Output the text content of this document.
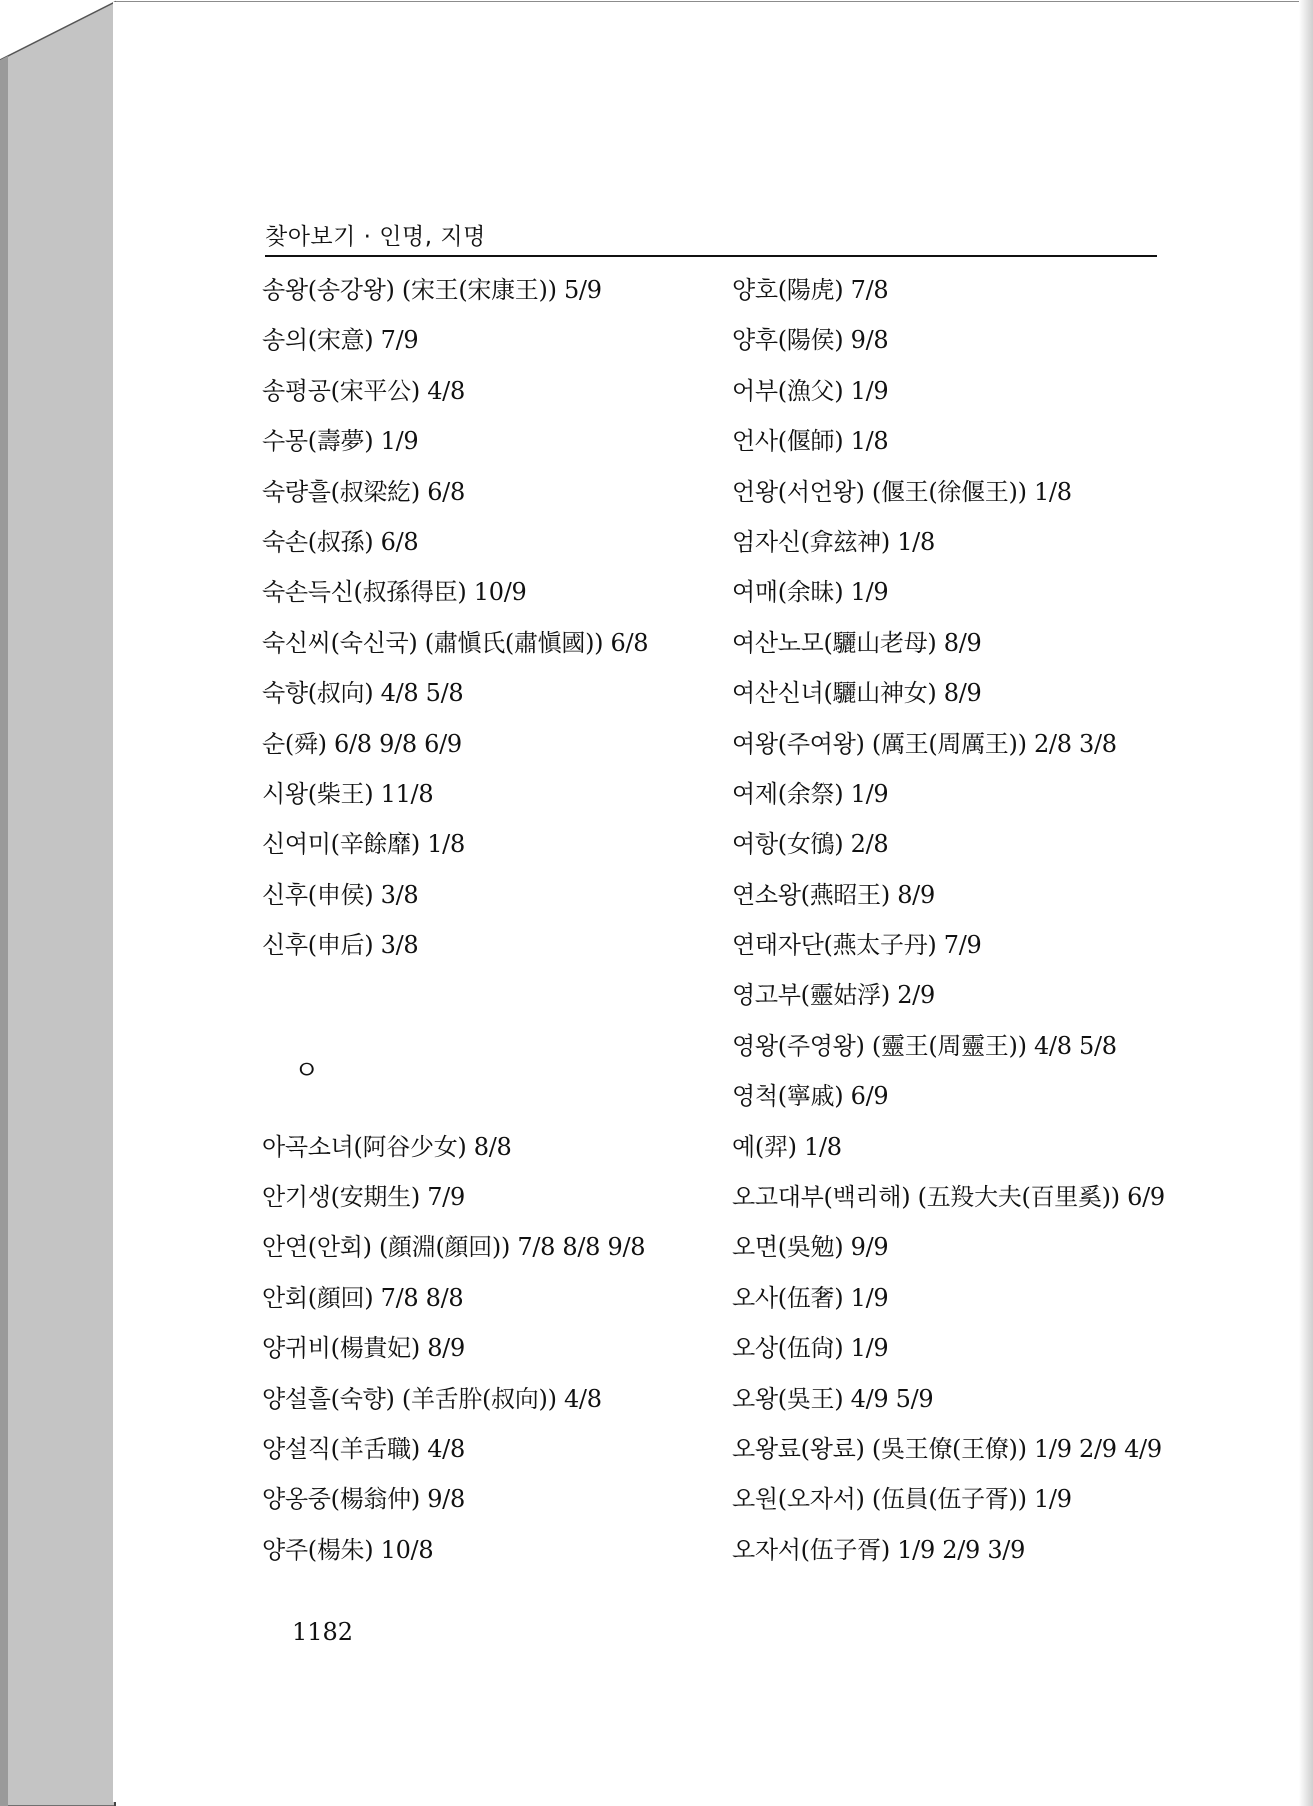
찾아보기 · 인명, 지명
송왕(송강왕) (宋王(宋康王)) 5/9
송의(宋意) 7/9
송평공(宋平公) 4/8
수몽(壽夢) 1/9
숙량흘(叔梁紇) 6/8
숙손(叔孫) 6/8
숙손득신(叔孫得臣) 10/9
숙신씨(숙신국) (肅愼氏(肅愼國)) 6/8
숙향(叔向) 4/8 5/8
순(舜) 6/8 9/8 6/9
시왕(柴王) 11/8
신여미(辛餘靡) 1/8
신후(申侯) 3/8
신후(申后) 3/8
ㅇ
아곡소녀(阿谷少女) 8/8
안기생(安期生) 7/9
안연(안회) (顔淵(顔回)) 7/8 8/8 9/8
안회(顔回) 7/8 8/8
양귀비(楊貴妃) 8/9
양설흘(숙향) (羊舌肸(叔向)) 4/8
양설직(羊舌職) 4/8
양옹중(楊翁仲) 9/8
양주(楊朱) 10/8
양호(陽虎) 7/8
양후(陽侯) 9/8
어부(漁父) 1/9
언사(偃師) 1/8
언왕(서언왕) (偃王(徐偃王)) 1/8
엄자신(弇玆神) 1/8
여매(余昧) 1/9
여산노모(驪山老母) 8/9
여산신녀(驪山神女) 8/9
여왕(주여왕) (厲王(周厲王)) 2/8 3/8
여제(余祭) 1/9
여항(女鴴) 2/8
연소왕(燕昭王) 8/9
연태자단(燕太子丹) 7/9
영고부(靈姑浮) 2/9
영왕(주영왕) (靈王(周靈王)) 4/8 5/8
영척(寧戚) 6/9
예(羿) 1/8
오고대부(백리해) (五羖大夫(百里奚)) 6/9
오면(吳勉) 9/9
오사(伍奢) 1/9
오상(伍尙) 1/9
오왕(吳王) 4/9 5/9
오왕료(왕료) (吳王僚(王僚)) 1/9 2/9 4/9
오원(오자서) (伍員(伍子胥)) 1/9
오자서(伍子胥) 1/9 2/9 3/9
1182
